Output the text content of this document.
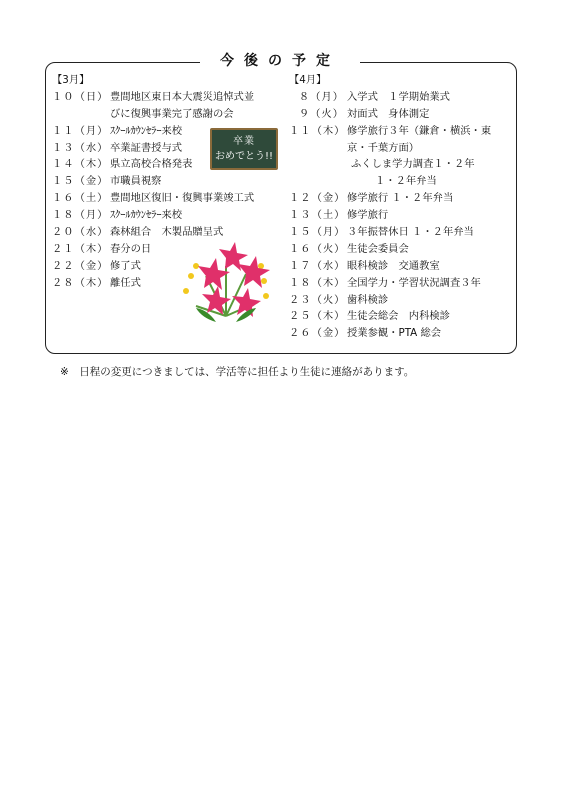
今後の予定
【3月】
１０（日） 豊間地区東日本大震災追悼式並
びに復興事業完了感謝の会
１１（月） ｽｸｰﾙｶｳﾝｾﾗｰ来校
１３（水） 卒業証書授与式
１４（木） 県立高校合格発表
１５（金） 市職員視察
１６（土） 豊間地区復旧・復興事業竣工式
１８（月） ｽｸｰﾙｶｳﾝｾﾗｰ来校
２０（水） 森林組合　木製品贈呈式
２１（木） 春分の日
２２（金） 修了式
２８（木） 離任式
【4月】
８（月） 入学式　１学期始業式
９（火） 対面式　身体測定
１１（木） 修学旅行３年（鎌倉・横浜・東
京・千葉方面）
ふくしま学力調査１・２年
１・２年弁当
１２（金） 修学旅行 １・２年弁当
１３（土） 修学旅行
１５（月） ３年振替休日 １・２年弁当
１６（火） 生徒会委員会
１７（水） 眼科検診　交通教室
１８（木） 全国学力・学習状況調査３年
２３（火） 歯科検診
２５（木） 生徒会総会　内科検診
２６（金） 授業参観・PTA 総会
卒業
おめでとう!!
※　日程の変更につきましては、学活等に担任より生徒に連絡があります。
